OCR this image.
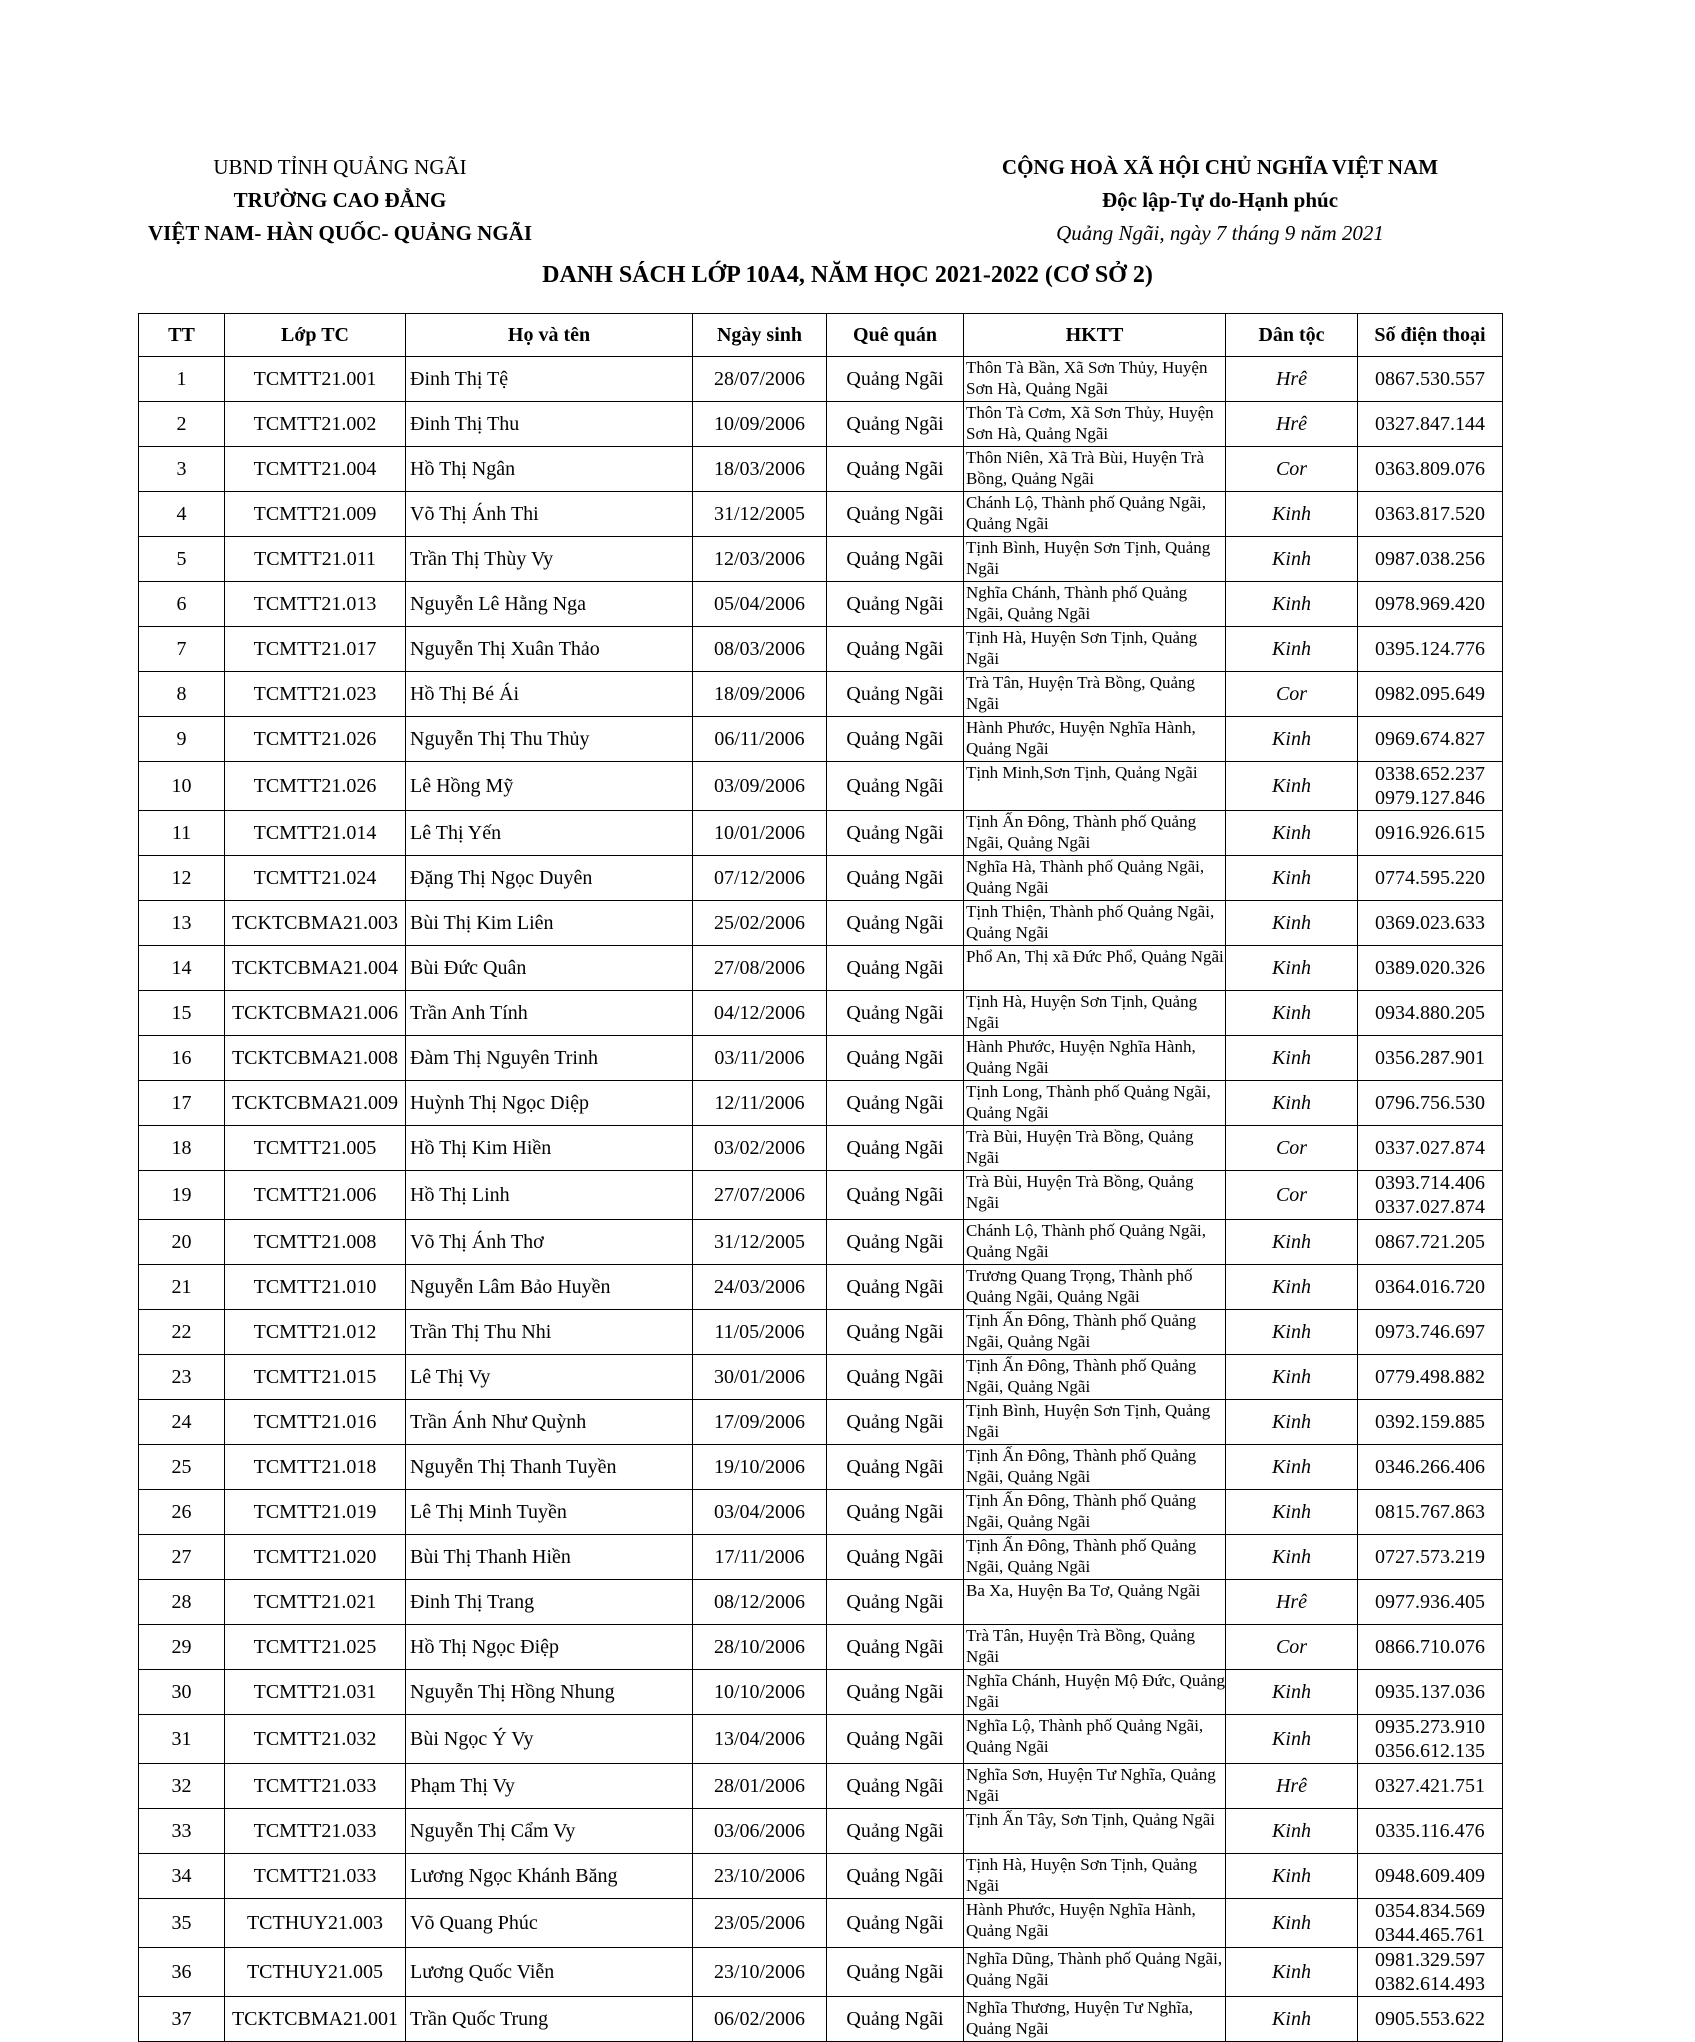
UBND TỈNH QUẢNG NGÃI
TRƯỜNG CAO ĐẲNG
VIỆT NAM- HÀN QUỐC- QUẢNG NGÃI
CỘNG HOÀ XÃ HỘI CHỦ NGHĨA VIỆT NAM
Độc lập-Tự do-Hạnh phúc
Quảng Ngãi, ngày 7 tháng 9 năm 2021
DANH SÁCH LỚP 10A4, NĂM HỌC 2021-2022 (CƠ SỞ 2)
TT	Lớp TC	Họ và tên	Ngày sinh	Quê quán	HKTT	Dân tộc	Số điện thoại
1	TCMTT21.001	Đinh Thị Tệ	28/07/2006	Quảng Ngãi	Thôn Tà Bần, Xã Sơn Thủy, Huyện Sơn Hà, Quảng Ngãi	Hrê	0867.530.557

2	TCMTT21.002	Đinh Thị Thu	10/09/2006	Quảng Ngãi	Thôn Tà Cơm, Xã Sơn Thủy, Huyện Sơn Hà, Quảng Ngãi	Hrê	0327.847.144

3	TCMTT21.004	Hồ Thị Ngân	18/03/2006	Quảng Ngãi	Thôn Niên, Xã Trà Bùi, Huyện Trà Bồng, Quảng Ngãi	Cor	0363.809.076

4	TCMTT21.009	Võ Thị Ánh Thi	31/12/2005	Quảng Ngãi	Chánh Lộ, Thành phố Quảng Ngãi, Quảng Ngãi	Kinh	0363.817.520

5	TCMTT21.011	Trần Thị Thùy Vy	12/03/2006	Quảng Ngãi	Tịnh Bình, Huyện Sơn Tịnh, Quảng Ngãi	Kinh	0987.038.256

6	TCMTT21.013	Nguyễn Lê Hằng Nga	05/04/2006	Quảng Ngãi	Nghĩa Chánh, Thành phố Quảng Ngãi, Quảng Ngãi	Kinh	0978.969.420

7	TCMTT21.017	Nguyễn Thị Xuân Thảo	08/03/2006	Quảng Ngãi	Tịnh Hà, Huyện Sơn Tịnh, Quảng Ngãi	Kinh	0395.124.776

8	TCMTT21.023	Hồ Thị Bé Ái	18/09/2006	Quảng Ngãi	Trà Tân, Huyện Trà Bồng, Quảng Ngãi	Cor	0982.095.649

9	TCMTT21.026	Nguyễn Thị Thu Thủy	06/11/2006	Quảng Ngãi	Hành Phước, Huyện Nghĩa Hành, Quảng Ngãi	Kinh	0969.674.827

10	TCMTT21.026	Lê Hồng Mỹ	03/09/2006	Quảng Ngãi	Tịnh Minh,Sơn Tịnh, Quảng Ngãi	Kinh	0338.652.237
0979.127.846

11	TCMTT21.014	Lê Thị Yến	10/01/2006	Quảng Ngãi	Tịnh Ấn Đông, Thành phố Quảng Ngãi, Quảng Ngãi	Kinh	0916.926.615

12	TCMTT21.024	Đặng Thị Ngọc Duyên	07/12/2006	Quảng Ngãi	Nghĩa Hà, Thành phố Quảng Ngãi, Quảng Ngãi	Kinh	0774.595.220

13	TCKTCBMA21.003	Bùi Thị Kim Liên	25/02/2006	Quảng Ngãi	Tịnh Thiện, Thành phố Quảng Ngãi, Quảng Ngãi	Kinh	0369.023.633

14	TCKTCBMA21.004	Bùi Đức Quân	27/08/2006	Quảng Ngãi	Phổ An, Thị xã Đức Phổ, Quảng Ngãi	Kinh	0389.020.326

15	TCKTCBMA21.006	Trần Anh Tính	04/12/2006	Quảng Ngãi	Tịnh Hà, Huyện Sơn Tịnh, Quảng Ngãi	Kinh	0934.880.205

16	TCKTCBMA21.008	Đàm Thị Nguyên Trinh	03/11/2006	Quảng Ngãi	Hành Phước, Huyện Nghĩa Hành, Quảng Ngãi	Kinh	0356.287.901

17	TCKTCBMA21.009	Huỳnh Thị Ngọc Diệp	12/11/2006	Quảng Ngãi	Tịnh Long, Thành phố Quảng Ngãi, Quảng Ngãi	Kinh	0796.756.530

18	TCMTT21.005	Hồ Thị Kim Hiền	03/02/2006	Quảng Ngãi	Trà Bùi, Huyện Trà Bồng, Quảng Ngãi	Cor	0337.027.874

19	TCMTT21.006	Hồ Thị Linh	27/07/2006	Quảng Ngãi	Trà Bùi, Huyện Trà Bồng, Quảng Ngãi	Cor	0393.714.406
0337.027.874

20	TCMTT21.008	Võ Thị Ánh Thơ	31/12/2005	Quảng Ngãi	Chánh Lộ, Thành phố Quảng Ngãi, Quảng Ngãi	Kinh	0867.721.205

21	TCMTT21.010	Nguyễn Lâm Bảo Huyền	24/03/2006	Quảng Ngãi	Trương Quang Trọng, Thành phố Quảng Ngãi, Quảng Ngãi	Kinh	0364.016.720

22	TCMTT21.012	Trần Thị Thu Nhi	11/05/2006	Quảng Ngãi	Tịnh Ấn Đông, Thành phố Quảng Ngãi, Quảng Ngãi	Kinh	0973.746.697

23	TCMTT21.015	Lê Thị Vy	30/01/2006	Quảng Ngãi	Tịnh Ấn Đông, Thành phố Quảng Ngãi, Quảng Ngãi	Kinh	0779.498.882

24	TCMTT21.016	Trần Ánh Như Quỳnh	17/09/2006	Quảng Ngãi	Tịnh Bình, Huyện Sơn Tịnh, Quảng Ngãi	Kinh	0392.159.885

25	TCMTT21.018	Nguyễn Thị Thanh Tuyền	19/10/2006	Quảng Ngãi	Tịnh Ấn Đông, Thành phố Quảng Ngãi, Quảng Ngãi	Kinh	0346.266.406

26	TCMTT21.019	Lê Thị Minh Tuyền	03/04/2006	Quảng Ngãi	Tịnh Ấn Đông, Thành phố Quảng Ngãi, Quảng Ngãi	Kinh	0815.767.863

27	TCMTT21.020	Bùi Thị Thanh Hiền	17/11/2006	Quảng Ngãi	Tịnh Ấn Đông, Thành phố Quảng Ngãi, Quảng Ngãi	Kinh	0727.573.219

28	TCMTT21.021	Đinh Thị Trang	08/12/2006	Quảng Ngãi	Ba Xa, Huyện Ba Tơ, Quảng Ngãi	Hrê	0977.936.405

29	TCMTT21.025	Hồ Thị Ngọc Điệp	28/10/2006	Quảng Ngãi	Trà Tân, Huyện Trà Bồng, Quảng Ngãi	Cor	0866.710.076

30	TCMTT21.031	Nguyễn Thị Hồng Nhung	10/10/2006	Quảng Ngãi	Nghĩa Chánh, Huyện Mộ Đức, Quảng Ngãi	Kinh	0935.137.036

31	TCMTT21.032	Bùi Ngọc Ý Vy	13/04/2006	Quảng Ngãi	Nghĩa Lộ, Thành phố Quảng Ngãi, Quảng Ngãi	Kinh	0935.273.910
0356.612.135

32	TCMTT21.033	Phạm Thị Vy	28/01/2006	Quảng Ngãi	Nghĩa Sơn, Huyện Tư Nghĩa, Quảng Ngãi	Hrê	0327.421.751

33	TCMTT21.033	Nguyễn Thị Cẩm Vy	03/06/2006	Quảng Ngãi	Tịnh Ấn Tây, Sơn Tịnh, Quảng Ngãi	Kinh	0335.116.476

34	TCMTT21.033	Lương Ngọc Khánh Băng	23/10/2006	Quảng Ngãi	Tịnh Hà, Huyện Sơn Tịnh, Quảng Ngãi	Kinh	0948.609.409

35	TCTHUY21.003	Võ Quang Phúc	23/05/2006	Quảng Ngãi	Hành Phước, Huyện Nghĩa Hành, Quảng Ngãi	Kinh	0354.834.569
0344.465.761

36	TCTHUY21.005	Lương Quốc Viễn	23/10/2006	Quảng Ngãi	Nghĩa Dũng, Thành phố Quảng Ngãi, Quảng Ngãi	Kinh	0981.329.597
0382.614.493

37	TCKTCBMA21.001	Trần Quốc Trung	06/02/2006	Quảng Ngãi	Nghĩa Thương, Huyện Tư Nghĩa, Quảng Ngãi	Kinh	0905.553.622
